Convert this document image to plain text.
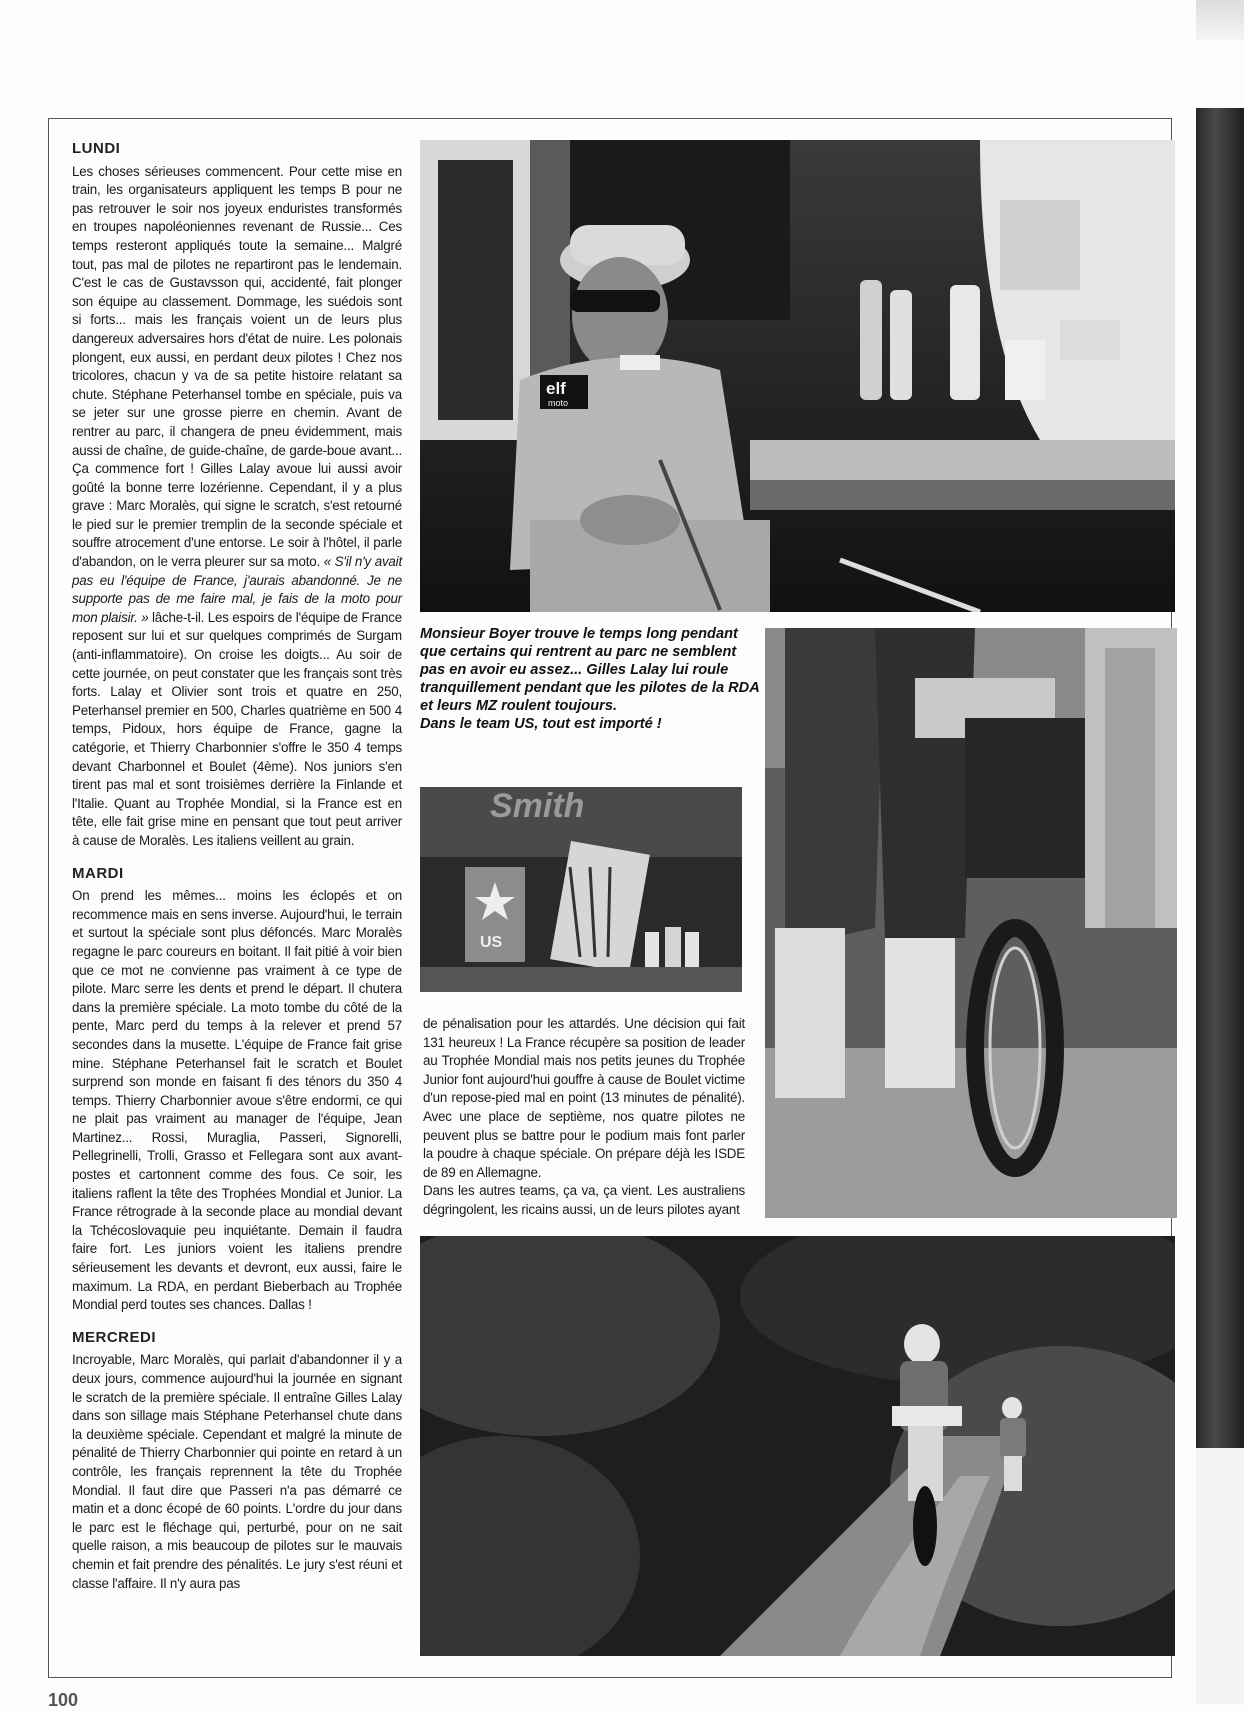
LUNDI

Les choses sérieuses commencent. Pour cette mise en train, les organisateurs appliquent les temps B pour ne pas retrouver le soir nos joyeux enduristes transformés en troupes napoléoniennes revenant de Russie... Ces temps resteront appliqués toute la semaine... Malgré tout, pas mal de pilotes ne repartiront pas le lendemain. C'est le cas de Gustavsson qui, accidenté, fait plonger son équipe au classement. Dommage, les suédois sont si forts... mais les français voient un de leurs plus dangereux adversaires hors d'état de nuire. Les polonais plongent, eux aussi, en perdant deux pilotes ! Chez nos tricolores, chacun y va de sa petite histoire relatant sa chute. Stéphane Peterhansel tombe en spéciale, puis va se jeter sur une grosse pierre en chemin. Avant de rentrer au parc, il changera de pneu évidemment, mais aussi de chaîne, de guide-chaîne, de garde-boue avant... Ça commence fort ! Gilles Lalay avoue lui aussi avoir goûté la bonne terre lozérienne. Cependant, il y a plus grave : Marc Moralès, qui signe le scratch, s'est retourné le pied sur le premier tremplin de la seconde spéciale et souffre atrocement d'une entorse. Le soir à l'hôtel, il parle d'abandon, on le verra pleurer sur sa moto. « S'il n'y avait pas eu l'équipe de France, j'aurais abandonné. Je ne supporte pas de me faire mal, je fais de la moto pour mon plaisir. » lâche-t-il. Les espoirs de l'équipe de France reposent sur lui et sur quelques comprimés de Surgam (anti-inflammatoire). On croise les doigts... Au soir de cette journée, on peut constater que les français sont très forts. Lalay et Olivier sont trois et quatre en 250, Peterhansel premier en 500, Charles quatrième en 500 4 temps, Pidoux, hors équipe de France, gagne la catégorie, et Thierry Charbonnier s'offre le 350 4 temps devant Charbonnel et Boulet (4ème). Nos juniors s'en tirent pas mal et sont troisièmes derrière la Finlande et l'Italie. Quant au Trophée Mondial, si la France est en tête, elle fait grise mine en pensant que tout peut arriver à cause de Moralès. Les italiens veillent au grain.

MARDI

On prend les mêmes... moins les éclopés et on recommence mais en sens inverse. Aujourd'hui, le terrain et surtout la spéciale sont plus défoncés. Marc Moralès regagne le parc coureurs en boitant. Il fait pitié à voir bien que ce mot ne convienne pas vraiment à ce type de pilote. Marc serre les dents et prend le départ. Il chutera dans la première spéciale. La moto tombe du côté de la pente, Marc perd du temps à la relever et prend 57 secondes dans la musette. L'équipe de France fait grise mine. Stéphane Peterhansel fait le scratch et Boulet surprend son monde en faisant fi des ténors du 350 4 temps. Thierry Charbonnier avoue s'être endormi, ce qui ne plait pas vraiment au manager de l'équipe, Jean Martinez... Rossi, Muraglia, Passeri, Signorelli, Pellegrinelli, Trolli, Grasso et Fellegara sont aux avant-postes et cartonnent comme des fous. Ce soir, les italiens raflent la tête des Trophées Mondial et Junior. La France rétrograde à la seconde place au mondial devant la Tchécoslovaquie peu inquiétante. Demain il faudra faire fort. Les juniors voient les italiens prendre sérieusement les devants et devront, eux aussi, faire le maximum. La RDA, en perdant Bieberbach au Trophée Mondial perd toutes ses chances. Dallas !

MERCREDI

Incroyable, Marc Moralès, qui parlait d'abandonner il y a deux jours, commence aujourd'hui la journée en signant le scratch de la première spéciale. Il entraîne Gilles Lalay dans son sillage mais Stéphane Peterhansel chute dans la deuxième spéciale. Cependant et malgré la minute de pénalité de Thierry Charbonnier qui pointe en retard à un contrôle, les français reprennent la tête du Trophée Mondial. Il faut dire que Passeri n'a pas démarré ce matin et a donc écopé de 60 points. L'ordre du jour dans le parc est le fléchage qui, perturbé, pour on ne sait quelle raison, a mis beaucoup de pilotes sur le mauvais chemin et fait prendre des pénalités. Le jury s'est réuni et classe l'affaire. Il n'y aura pas

elf
moto

Monsieur Boyer trouve le temps long pendant que certains qui rentrent au parc ne semblent pas en avoir eu assez... Gilles Lalay lui roule tranquillement pendant que les pilotes de la RDA et leurs MZ roulent toujours.

Dans le team US, tout est importé !

Smith
US

de pénalisation pour les attardés. Une décision qui fait 131 heureux ! La France récupère sa position de leader au Trophée Mondial mais nos petits jeunes du Trophée Junior font aujourd'hui gouffre à cause de Boulet victime d'un repose-pied mal en point (13 minutes de pénalité). Avec une place de septième, nos quatre pilotes ne peuvent plus se battre pour le podium mais font parler la poudre à chaque spéciale. On prépare déjà les ISDE de 89 en Allemagne.

Dans les autres teams, ça va, ça vient. Les australiens dégringolent, les ricains aussi, un de leurs pilotes ayant

100
